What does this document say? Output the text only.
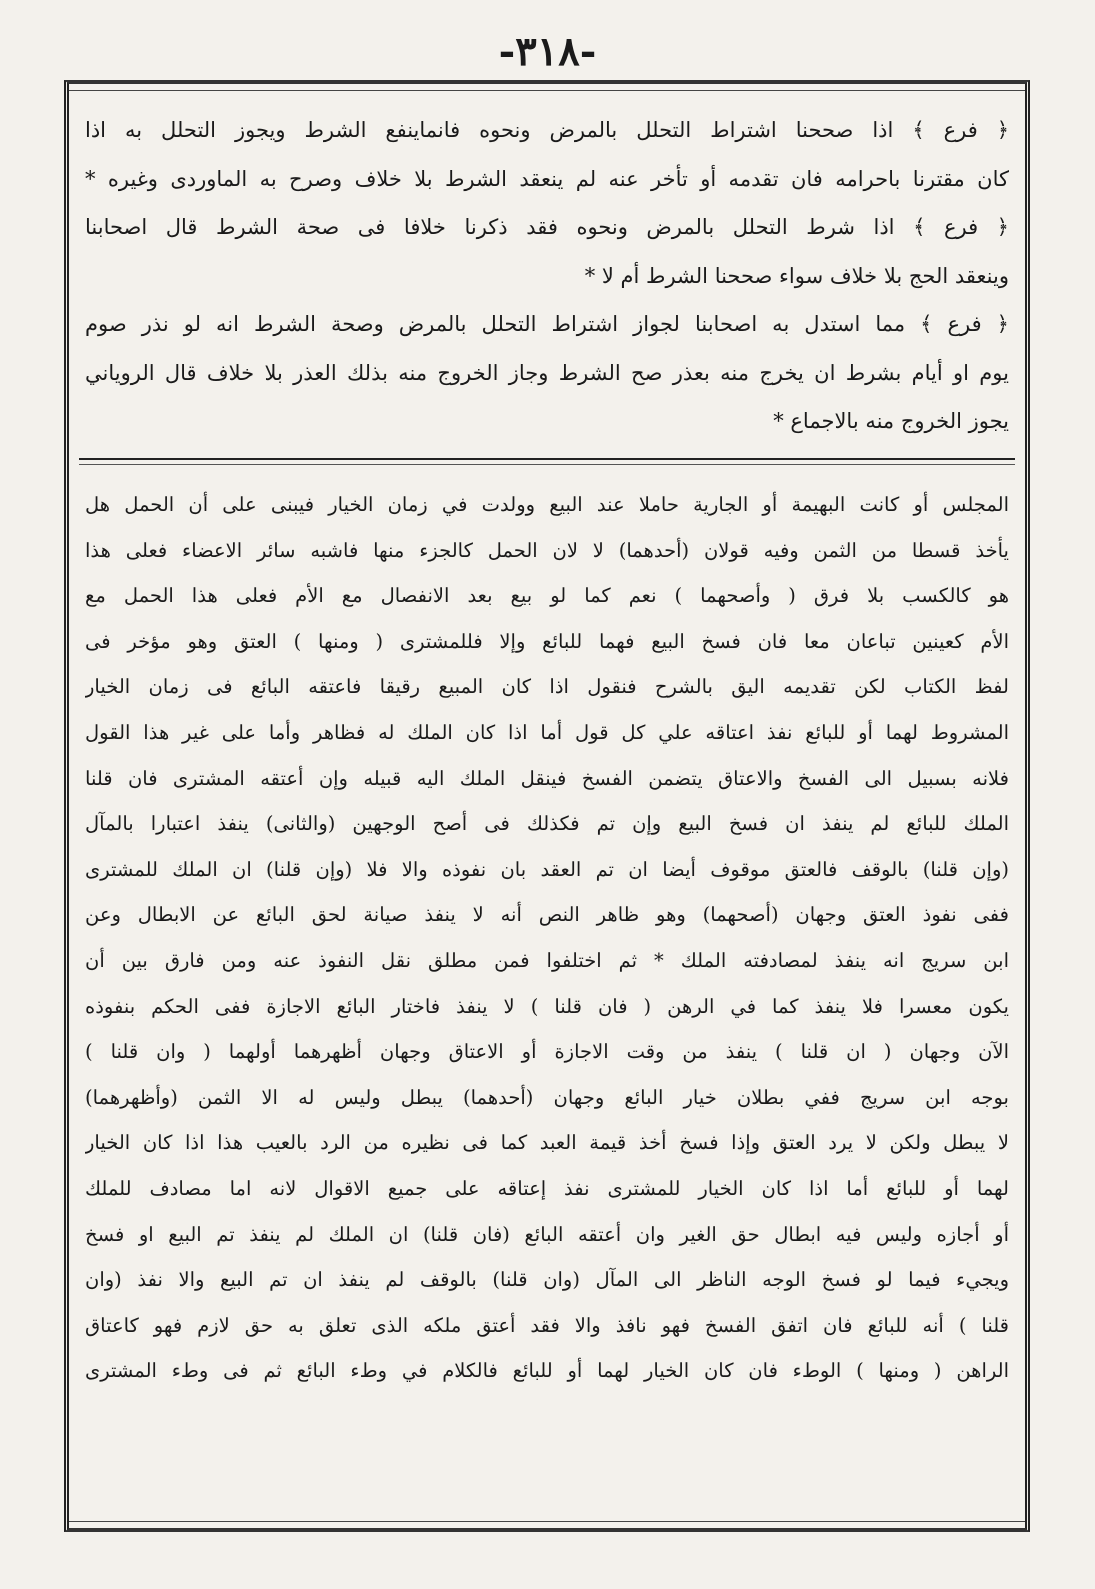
-٣١٨-
﴿ فرع ﴾ اذا صححنا اشتراط التحلل بالمرض ونحوه فانماينفع الشرط ويجوز التحلل به اذا
كان مقترنا باحرامه فان تقدمه أو تأخر عنه لم ينعقد الشرط بلا خلاف وصرح به الماوردى وغيره *
﴿ فرع ﴾ اذا شرط التحلل بالمرض ونحوه فقد ذكرنا خلافا فى صحة الشرط قال اصحابنا
وينعقد الحج بلا خلاف سواء صححنا الشرط أم لا *
﴿ فرع ﴾ مما استدل به اصحابنا لجواز اشتراط التحلل بالمرض وصحة الشرط انه لو نذر صوم
يوم او أيام بشرط ان يخرج منه بعذر صح الشرط وجاز الخروج منه بذلك العذر بلا خلاف قال الروياني
يجوز الخروج منه بالاجماع *
المجلس أو كانت البهيمة أو الجارية حاملا عند البيع وولدت في زمان الخيار فيبنى على أن الحمل هل
يأخذ قسطا من الثمن وفيه قولان (أحدهما) لا لان الحمل كالجزء منها فاشبه سائر الاعضاء فعلى هذا
هو كالكسب بلا فرق ( وأصحهما ) نعم كما لو بيع بعد الانفصال مع الأم فعلى هذا الحمل مع
الأم كعينين تباعان معا فان فسخ البيع فهما للبائع وإلا فللمشترى ( ومنها ) العتق وهو مؤخر فى
لفظ الكتاب لكن تقديمه اليق بالشرح فنقول اذا كان المبيع رقيقا فاعتقه البائع فى زمان الخيار
المشروط لهما أو للبائع نفذ اعتاقه علي كل قول أما اذا كان الملك له فظاهر وأما على غير هذا القول
فلانه بسبيل الى الفسخ والاعتاق يتضمن الفسخ فينقل الملك اليه قبيله وإن أعتقه المشترى فان قلنا
الملك للبائع لم ينفذ ان فسخ البيع وإن تم فكذلك فى أصح الوجهين (والثانى) ينفذ اعتبارا بالمآل
(وإن قلنا) بالوقف فالعتق موقوف أيضا ان تم العقد بان نفوذه والا فلا (وإن قلنا) ان الملك للمشترى
ففى نفوذ العتق وجهان (أصحهما) وهو ظاهر النص أنه لا ينفذ صيانة لحق البائع عن الابطال وعن
ابن سريج انه ينفذ لمصادفته الملك * ثم اختلفوا فمن مطلق نقل النفوذ عنه ومن فارق بين أن
يكون معسرا فلا ينفذ كما في الرهن ( فان قلنا ) لا ينفذ فاختار البائع الاجازة ففى الحكم بنفوذه
الآن وجهان ( ان قلنا ) ينفذ من وقت الاجازة أو الاعتاق وجهان أظهرهما أولهما ( وان قلنا )
بوجه ابن سريج ففي بطلان خيار البائع وجهان (أحدهما) يبطل وليس له الا الثمن (وأظهرهما)
لا يبطل ولكن لا يرد العتق وإذا فسخ أخذ قيمة العبد كما فى نظيره من الرد بالعيب هذا اذا كان الخيار
لهما أو للبائع أما اذا كان الخيار للمشترى نفذ إعتاقه على جميع الاقوال لانه اما مصادف للملك
أو أجازه وليس فيه ابطال حق الغير وان أعتقه البائع (فان قلنا) ان الملك لم ينفذ تم البيع او فسخ
ويجيء فيما لو فسخ الوجه الناظر الى المآل (وان قلنا) بالوقف لم ينفذ ان تم البيع والا نفذ (وان
قلنا ) أنه للبائع فان اتفق الفسخ فهو نافذ والا فقد أعتق ملكه الذى تعلق به حق لازم فهو كاعتاق
الراهن ( ومنها ) الوطء فان كان الخيار لهما أو للبائع فالكلام في وطء البائع ثم فى وطء المشترى
